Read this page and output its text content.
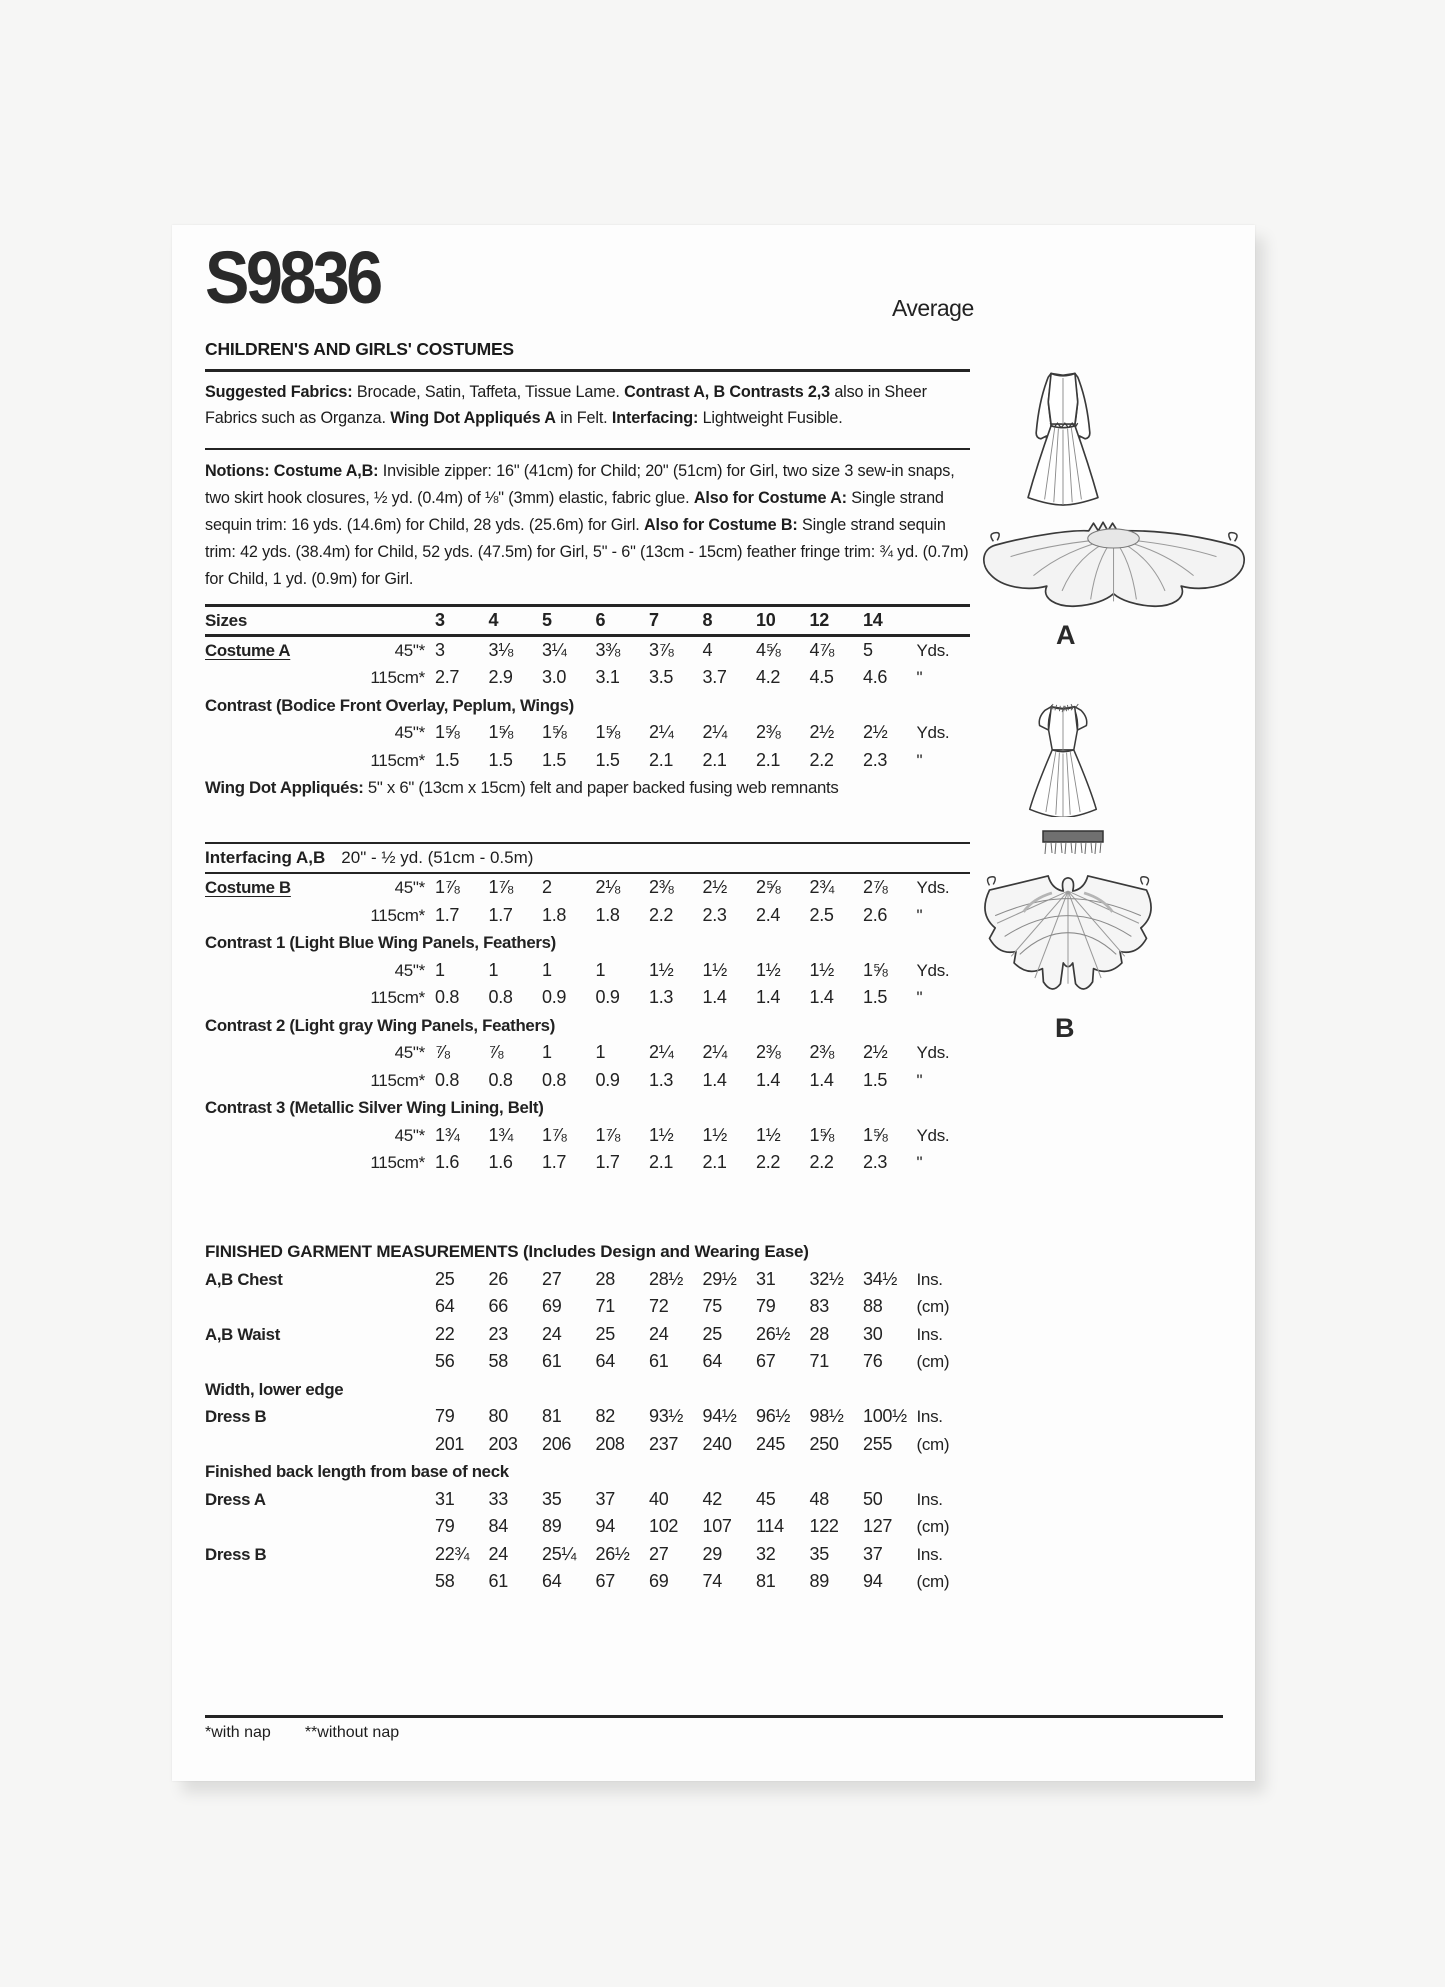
S9836	Average
CHILDREN'S AND GIRLS' COSTUMES
Suggested Fabrics: Brocade, Satin, Taffeta, Tissue Lame. Contrast A, B Contrasts 2,3 also in Sheer Fabrics such as Organza. Wing Dot Appliqués A in Felt. Interfacing: Lightweight Fusible.
Notions: Costume A,B: Invisible zipper: 16" (41cm) for Child; 20" (51cm) for Girl, two size 3 sew-in snaps, two skirt hook closures, ½ yd. (0.4m) of ⅛" (3mm) elastic, fabric glue. Also for Costume A: Single strand sequin trim: 16 yds. (14.6m) for Child, 28 yds. (25.6m) for Girl. Also for Costume B: Single strand sequin trim: 42 yds. (38.4m) for Child, 52 yds. (47.5m) for Girl, 5" - 6" (13cm - 15cm) feather fringe trim: ¾ yd. (0.7m) for Child, 1 yd. (0.9m) for Girl.
Sizes	3	4	5	6	7	8	10	12	14
Costume A	45"* 3	3⅛	3¼	3⅜	3⅞	4	4⅝	4⅞	5	Yds.
115cm* 2.7	2.9	3.0	3.1	3.5	3.7	4.2	4.5	4.6	"
Contrast (Bodice Front Overlay, Peplum, Wings)
45"* 1⅝	1⅝	1⅝	1⅝	2¼	2¼	2⅜	2½	2½	Yds.
115cm* 1.5	1.5	1.5	1.5	2.1	2.1	2.1	2.2	2.3	"
Wing Dot Appliqués: 5" x 6" (13cm x 15cm) felt and paper backed fusing web remnants
Interfacing A,B 20" - ½ yd. (51cm - 0.5m)
Costume B	45"* 1⅞	1⅞	2	2⅛	2⅜	2½	2⅝	2¾	2⅞	Yds.
115cm* 1.7	1.7	1.8	1.8	2.2	2.3	2.4	2.5	2.6	"
Contrast 1 (Light Blue Wing Panels, Feathers)
45"* 1	1	1	1	1½	1½	1½	1½	1⅝	Yds.
115cm* 0.8	0.8	0.9	0.9	1.3	1.4	1.4	1.4	1.5	"
Contrast 2 (Light gray Wing Panels, Feathers)
45"* ⅞	⅞	1	1	2¼	2¼	2⅜	2⅜	2½	Yds.
115cm* 0.8	0.8	0.8	0.9	1.3	1.4	1.4	1.4	1.5	"
Contrast 3 (Metallic Silver Wing Lining, Belt)
45"* 1¾	1¾	1⅞	1⅞	1½	1½	1½	1⅝	1⅝	Yds.
115cm* 1.6	1.6	1.7	1.7	2.1	2.1	2.2	2.2	2.3	"
FINISHED GARMENT MEASUREMENTS (Includes Design and Wearing Ease)
A,B Chest	25	26	27	28	28½	29½	31	32½	34½	Ins.
64	66	69	71	72	75	79	83	88	(cm)
A,B Waist	22	23	24	25	24	25	26½	28	30	Ins.
56	58	61	64	61	64	67	71	76	(cm)
Width, lower edge
Dress B	79	80	81	82	93½	94½	96½	98½	100½ Ins.
201	203	206	208	237	240	245	250	255	(cm)
Finished back length from base of neck
Dress A	31	33	35	37	40	42	45	48	50	Ins.
79	84	89	94	102	107	114	122	127	(cm)
Dress B	22¾	24	25¼	26½	27	29	32	35	37	Ins.
58	61	64	67	69	74	81	89	94	(cm)
A
B
*with nap **without nap
